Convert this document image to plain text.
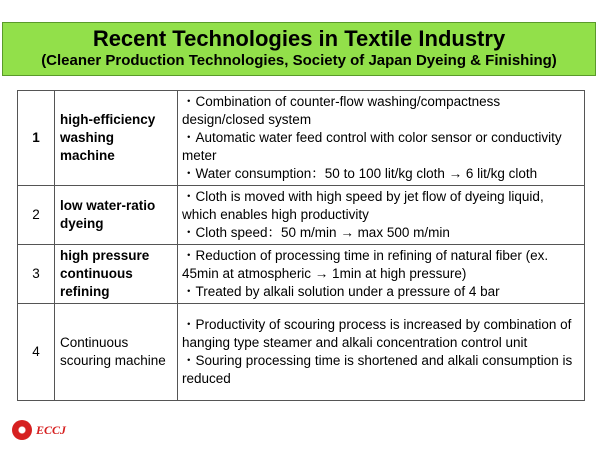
Recent Technologies in Textile Industry
(Cleaner Production Technologies, Society of Japan Dyeing & Finishing)
1	high-efficiency washing machine	・Combination of counter-flow washing/compactness design/closed system
・Automatic water feed control with color sensor or conductivity meter
・Water consumption：50 to 100 lit/kg cloth → 6 lit/kg cloth

2	low water-ratio dyeing	・Cloth is moved with high speed by jet flow of dyeing liquid, which enables high productivity
・Cloth speed：50 m/min → max 500 m/min

3	high pressure continuous refining	・Reduction of processing time in refining of natural fiber (ex. 45min at atmospheric → 1min at high pressure)
・Treated by alkali solution under a pressure of 4 bar

4	Continuous scouring machine	・Productivity of scouring process is increased by combination of hanging type steamer and alkali concentration control unit
・Souring processing time is shortened and alkali consumption is reduced
ECCJ
